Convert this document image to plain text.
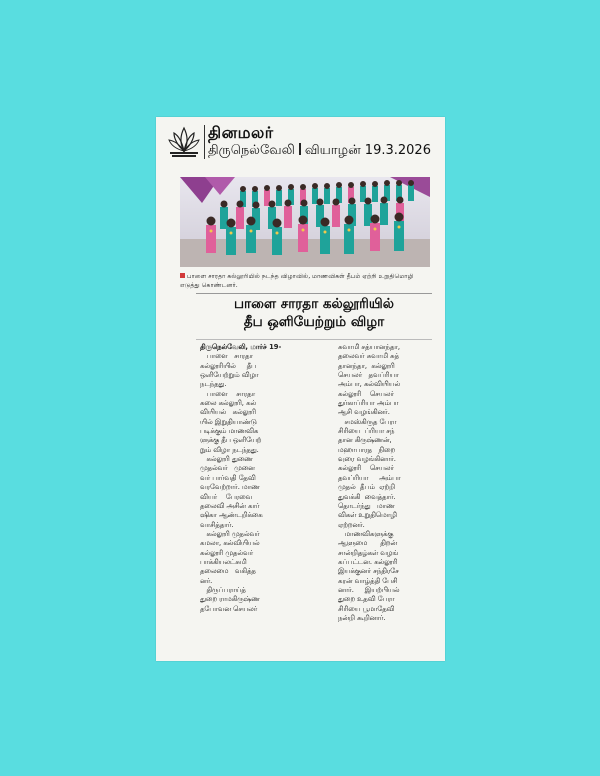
தினமலர்
திருநெல்வேலி வியாழன் 19.3.2026
பாளை சாரதா கல்லூரியில் நடந்த விழாவில், மாணவிகள் தீபம் ஏற்றி உறுதிமொழி எடுத்து கொண்டனர்.
பாளை சாரதா கல்லூரியில்
தீப ஒளியேற்றும் விழா

திருநெல்வேலி, மார்ச் 19-

பாளை   சாரதா

கல்லூரியில்     தீப

ஒளியேற்றும் விழா

நடந்தது.

பாளை    சாரதா

கலை கல்லூரி, கல்

வியியல்   கல்லூரி

யில் இறுதியாண்டு

படிக்கும் மாணவிக

ளுக்கு தீப ஒளியேற்

றும் விழா நடந்தது.

கல்லூரி துணை

முதல்வர்   முனை

வர் பார்வதி தேவி

வரவேற்றார். மாண

வியர்    பேரவை

தலைவி அசின் கார்

ஷிகா ஆண்டறிக்கை

வாசித்தார்.

கல்லூரி முதல்வர்

கமலா, கல்வியியல்

கல்லூரி முதல்வர்

பாக்கியலட்சுமி

தலைமை   வகித்த

னர்.

திருப்பராய்த்

துறை ராமகிருஷ்ண

தபோவன செயலர்

சுவாமி சத்யானந்தா,

தலைவர் சுவாமி சுத்

தானந்தா,  கல்லூரி

செயலர்   தவப்ரியா

அம்பா, கல்வியியல்

கல்லூரி    செயலர்

துர்காப்ரியா அம்பா

ஆசி வழங்கினர்.

சமஸ்கிருத பேரா

சிரியை  ப்ரியா சந்

தான கிருஷ்ணன்,

மஹாபாரத   நிறை

வுரை வழங்கினார்.

கல்லூரி    செயலர்

தவப்ரியா     அம்பா

முதல்  தீபம்  ஏற்றி

துவக்கி  வைத்தார்.

தொடர்ந்து   மாண

விகள் உறுதிமொழி

ஏற்றனர்.

மாணவிகளுக்கு

ஆளுமை      திறன்

சான்றிதழ்கள் வழங்

கப்பட்டன. கல்லூரி

இயக்குனர் சந்திரசே

கரன் வாழ்த்தி பேசி

னார்.     இயற்பியல்

துறை உதவி பேரா

சிரியை பூமாதேவி

நன்றி கூறினார்.
